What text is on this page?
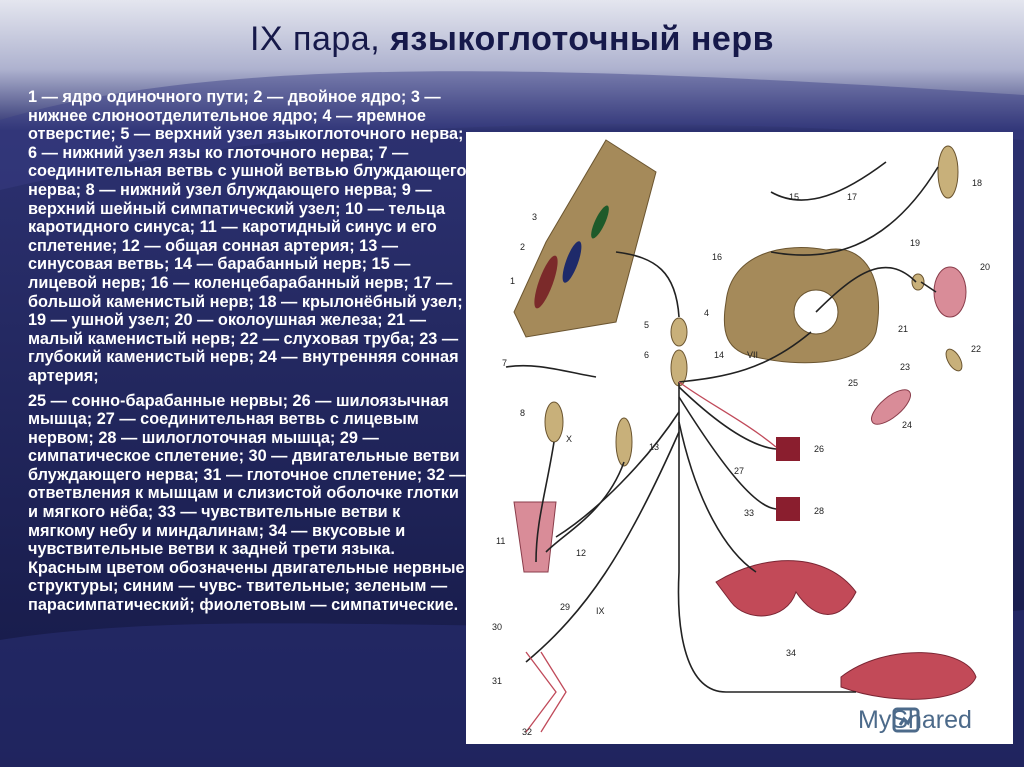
IX пара, языкоглоточный нерв

1 — ядро одиночного пути; 2 — двойное ядро; 3 — нижнее слюноотделительное ядро; 4 — яремное отверстие; 5 — верхний узел языкоглоточного нерва; 6 — нижний узел язы ко глоточного нерва; 7 — соединительная ветвь с ушной ветвью блуждающего нерва; 8 — нижний узел блуждающего нерва; 9 — верхний шейный симпатический узел; 10 — тельца каротидного синуса; 11 — каротидный синус и его сплетение; 12 — общая сонная артерия; 13 — синусовая ветвь; 14 — барабанный нерв; 15 — лицевой нерв; 16 — коленцебарабанный нерв; 17 — большой каменистый нерв; 18 — крылонёбный узел; 19 — ушной узел; 20 — околоушная железа; 21 — малый каменистый нерв; 22 — слуховая труба; 23 — глубокий каменистый нерв; 24 — внутренняя сонная артерия;

25 — сонно-барабанные нервы; 26 — шилоязычная мышца; 27 — соединительная ветвь с лицевым нервом; 28 — шилоглоточная мышца; 29 — симпатическое сплетение; 30 — двигательные ветви блуждающего нерва; 31 — глоточное сплетение; 32 — ответвления к мышцам и слизистой оболочке глотки и мягкого нёба; 33 — чувствительные ветви к мягкому небу и миндалинам; 34 — вкусовые и чувствительные ветви к задней трети языка. Красным цветом обозначены двигательные нервные структуры; синим — чувс- твительные; зеленым — парасимпатический; фиолетовым — симпатические.

1
2
3
4
5
6
7
8
X
13
14
15
16
17
18
19
20
21
22
23
24
25
26
27
28
11
12
33
29	IX
30
31
32
34
VII
MyShared
